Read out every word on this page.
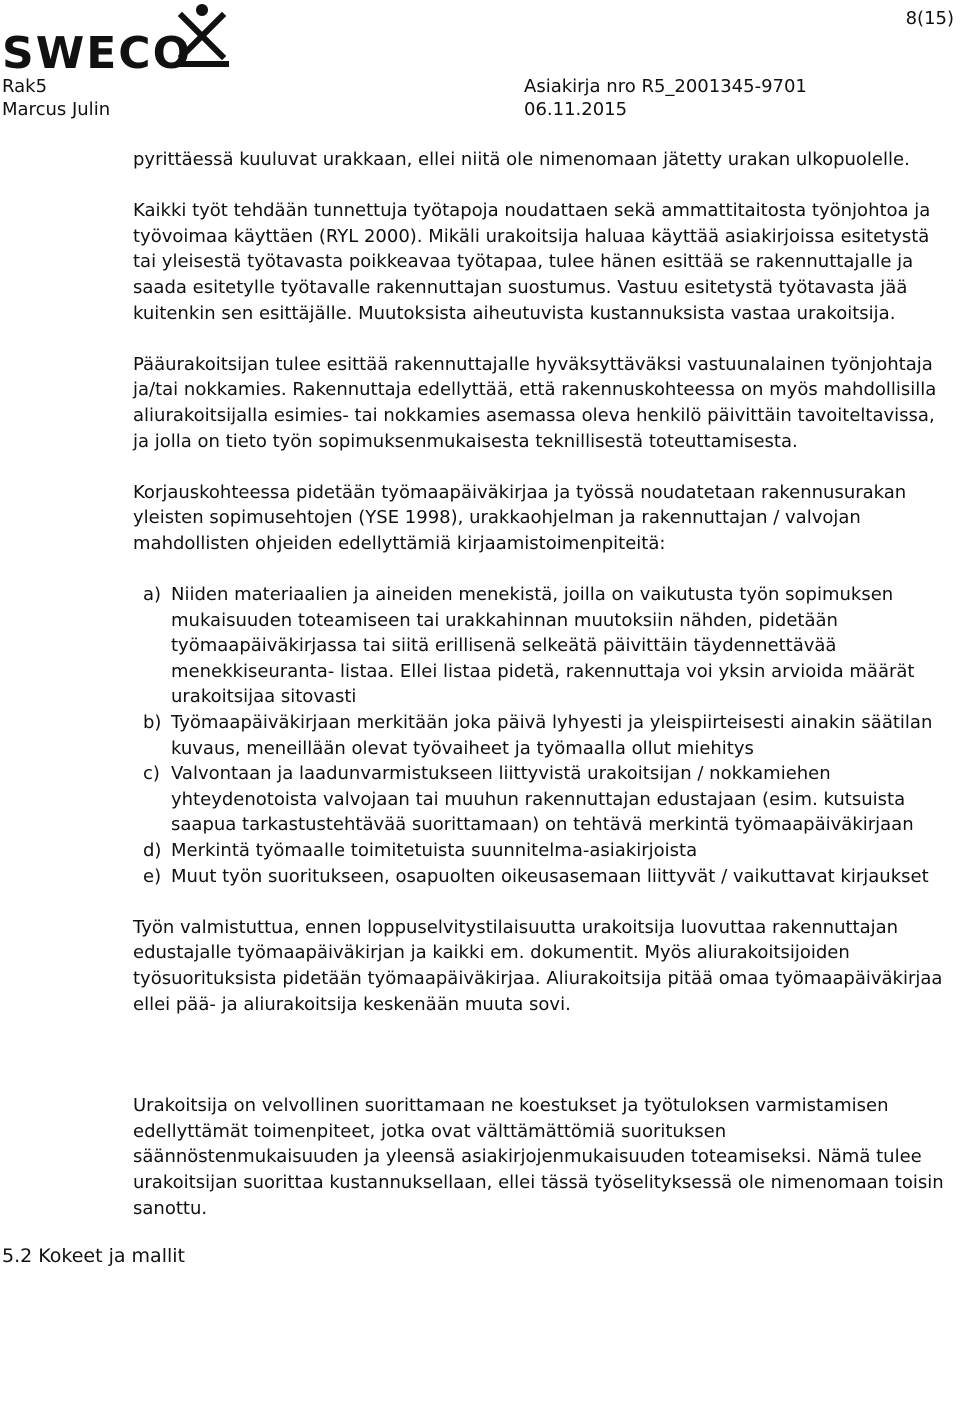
SWECO
8(15)
Rak5
Marcus Julin
Asiakirja nro R5_2001345-9701
06.11.2015

pyrittäessä kuuluvat urakkaan, ellei niitä ole nimenomaan jätetty urakan ulkopuolelle.

Kaikki työt tehdään tunnettuja työtapoja noudattaen sekä ammattitaitosta työnjohtoa ja työvoimaa käyttäen (RYL 2000). Mikäli urakoitsija haluaa käyttää asiakirjoissa esitetystä tai yleisestä työtavasta poikkeavaa työtapaa, tulee hänen esittää se rakennuttajalle ja saada esitetylle työtavalle rakennuttajan suostumus. Vastuu esitetystä työtavasta jää kuitenkin sen esittäjälle. Muutoksista aiheutuvista kustannuksista vastaa urakoitsija.

Pääurakoitsijan tulee esittää rakennuttajalle hyväksyttäväksi vastuunalainen työnjohtaja ja/tai nokkamies. Rakennuttaja edellyttää, että rakennuskohteessa on myös mahdollisilla aliurakoitsijalla esimies- tai nokkamies asemassa oleva henkilö päivittäin tavoiteltavissa, ja jolla on tieto työn sopimuksenmukaisesta teknillisestä toteuttamisesta.

Korjauskohteessa pidetään työmaapäiväkirjaa ja työssä noudatetaan rakennusurakan yleisten sopimusehtojen (YSE 1998), urakkaohjelman ja rakennuttajan / valvojan mahdollisten ohjeiden edellyttämiä kirjaamistoimenpiteitä:

a) Niiden materiaalien ja aineiden menekistä, joilla on vaikutusta työn sopimuksen mukaisuuden toteamiseen tai urakkahinnan muutoksiin nähden, pidetään työmaapäiväkirjassa tai siitä erillisenä selkeätä päivittäin täydennettävää menekkiseuranta- listaa. Ellei listaa pidetä, rakennuttaja voi yksin arvioida määrät urakoitsijaa sitovasti
b) Työmaapäiväkirjaan merkitään joka päivä lyhyesti ja yleispiirteisesti ainakin säätilan kuvaus, meneillään olevat työvaiheet ja työmaalla ollut miehitys
c) Valvontaan ja laadunvarmistukseen liittyvistä urakoitsijan / nokkamiehen yhteydenotoista valvojaan tai muuhun rakennuttajan edustajaan (esim. kutsuista saapua tarkastustehtävää suorittamaan) on tehtävä merkintä työmaapäiväkirjaan
d) Merkintä työmaalle toimitetuista suunnitelma-asiakirjoista
e) Muut työn suoritukseen, osapuolten oikeusasemaan liittyvät / vaikuttavat kirjaukset

Työn valmistuttua, ennen loppuselvitystilaisuutta urakoitsija luovuttaa rakennuttajan edustajalle työmaapäiväkirjan ja kaikki em. dokumentit. Myös aliurakoitsijoiden työsuorituksista pidetään työmaapäiväkirjaa. Aliurakoitsija pitää omaa työmaapäiväkirjaa ellei pää- ja aliurakoitsija keskenään muuta sovi.

Urakoitsija on velvollinen suorittamaan ne koestukset ja työtuloksen varmistamisen edellyttämät toimenpiteet, jotka ovat välttämättömiä suorituksen säännöstenmukaisuuden ja yleensä asiakirjojenmukaisuuden toteamiseksi. Nämä tulee urakoitsijan suorittaa kustannuksellaan, ellei tässä työselityksessä ole nimenomaan toisin sanottu.

5.2 Kokeet ja mallit
